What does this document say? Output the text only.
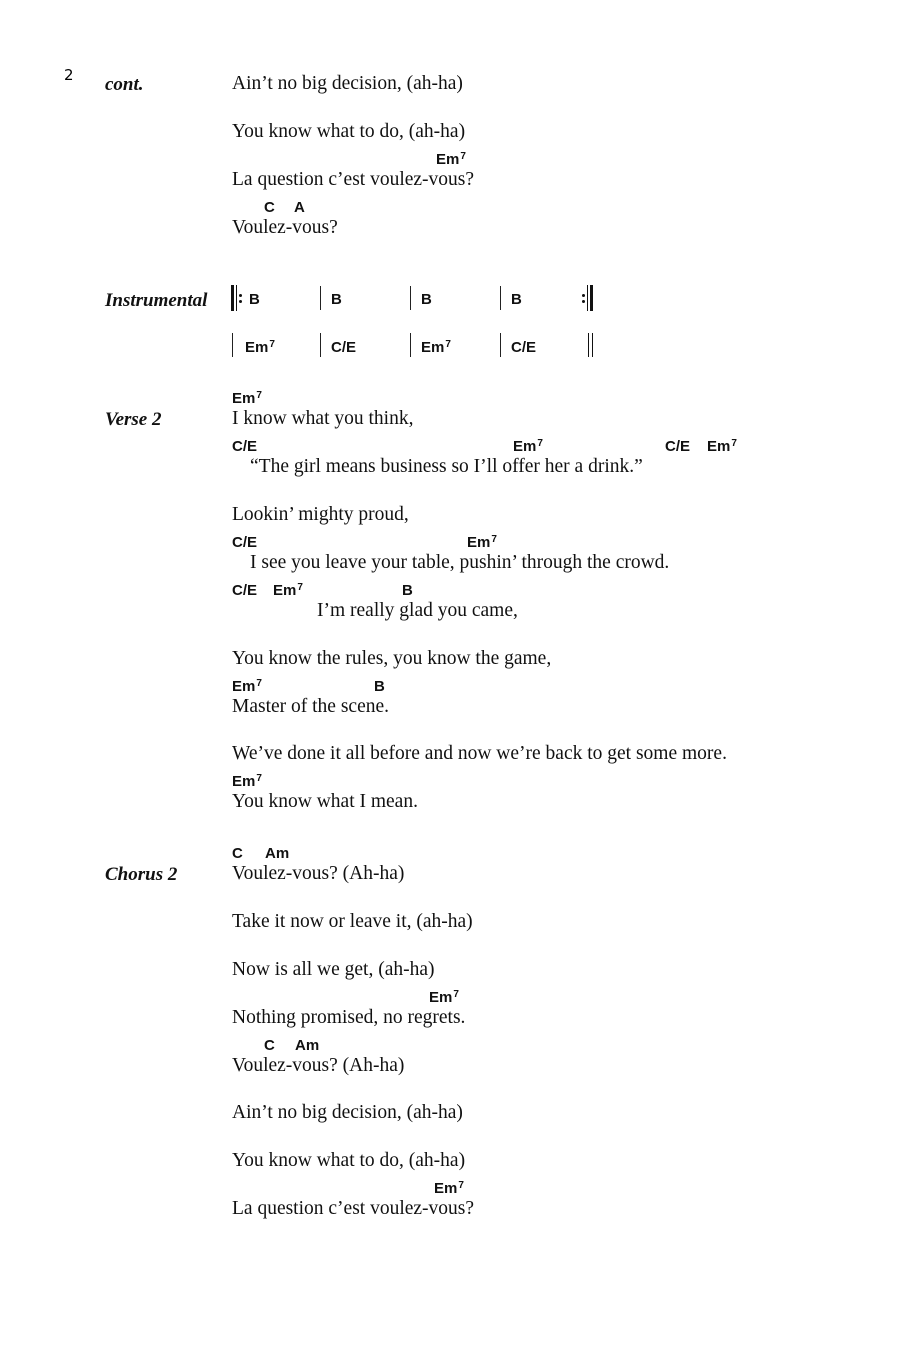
2 cont.	Ain’t no big decision, (ah-ha)
You know what to do, (ah-ha)
Em$^7$
La question c’est voulez-vous?
C A
Voulez-vous?
Instrumental	B	B	B	B
Em$^7$	C/E	Em$^7$	C/E
Verse 2
Em$^7$
I know what you think,
C/E	Em$^7$	C/E Em$^7$
“The girl means business so I’ll offer her a drink.”
Lookin’ mighty proud,
C/E	Em$^7$
I see you leave your table, pushin’ through the crowd.
C/E Em$^7$	B
I’m really glad you came,
You know the rules, you know the game,
Em$^7$	B
Master of the scene.
We’ve done it all before and now we’re back to get some more.
Em$^7$
You know what I mean.
Chorus 2
C Am
Voulez-vous? (Ah-ha)
Take it now or leave it, (ah-ha)
Now is all we get, (ah-ha)
Em$^7$
Nothing promised, no regrets.
C Am
Voulez-vous? (Ah-ha)
Ain’t no big decision, (ah-ha)
You know what to do, (ah-ha)
Em$^7$
La question c’est voulez-vous?
